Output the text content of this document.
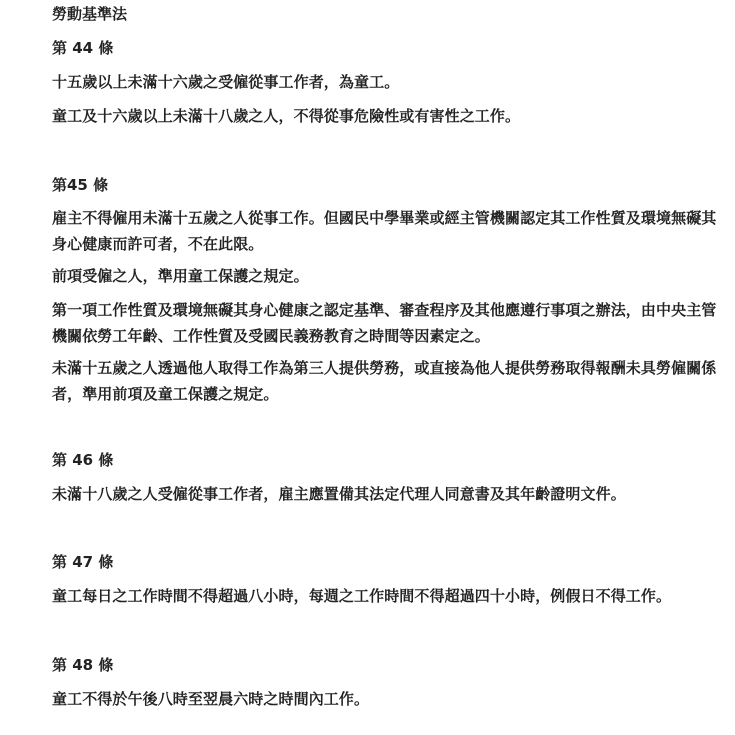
勞動基準法
第 44 條
十五歲以上未滿十六歲之受僱從事工作者，為童工。
童工及十六歲以上未滿十八歲之人，不得從事危險性或有害性之工作。
第45 條
雇主不得僱用未滿十五歲之人從事工作。但國民中學畢業或經主管機關認定其工作性質及環境無礙其身心健康而許可者，不在此限。
前項受僱之人，準用童工保護之規定。
第一項工作性質及環境無礙其身心健康之認定基準、審查程序及其他應遵行事項之辦法，由中央主管機關依勞工年齡、工作性質及受國民義務教育之時間等因素定之。
未滿十五歲之人透過他人取得工作為第三人提供勞務，或直接為他人提供勞務取得報酬未具勞僱關係者，準用前項及童工保護之規定。
第 46 條
未滿十八歲之人受僱從事工作者，雇主應置備其法定代理人同意書及其年齡證明文件。
第 47 條
童工每日之工作時間不得超過八小時，每週之工作時間不得超過四十小時，例假日不得工作。
第 48 條
童工不得於午後八時至翌晨六時之時間內工作。
